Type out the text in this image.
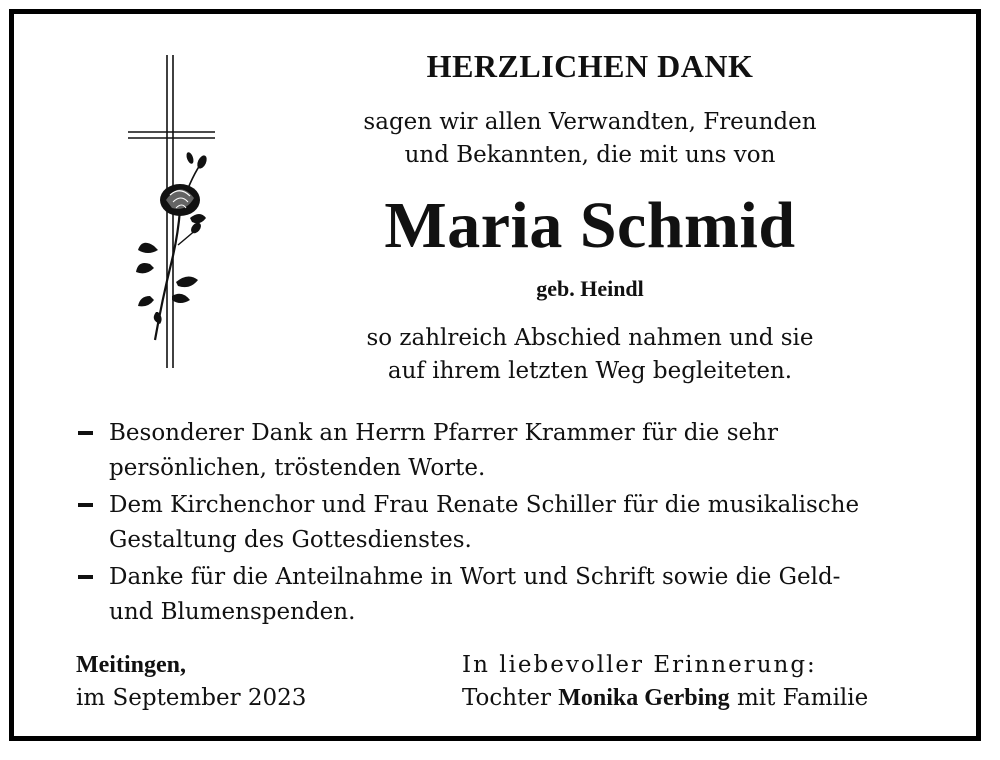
HERZLICHEN DANK
sagen wir allen Verwandten, Freunden
und Bekannten, die mit uns von
Maria Schmid
geb. Heindl
so zahlreich Abschied nahmen und sie
auf ihrem letzten Weg begleiteten.
Besonderer Dank an Herrn Pfarrer Krammer für die sehr
persönlichen, tröstenden Worte.
Dem Kirchenchor und Frau Renate Schiller für die musikalische
Gestaltung des Gottesdienstes.
Danke für die Anteilnahme in Wort und Schrift sowie die Geld-
und Blumenspenden.
Meitingen,
im September 2023
In liebevoller Erinnerung:
Tochter Monika Gerbing mit Familie
